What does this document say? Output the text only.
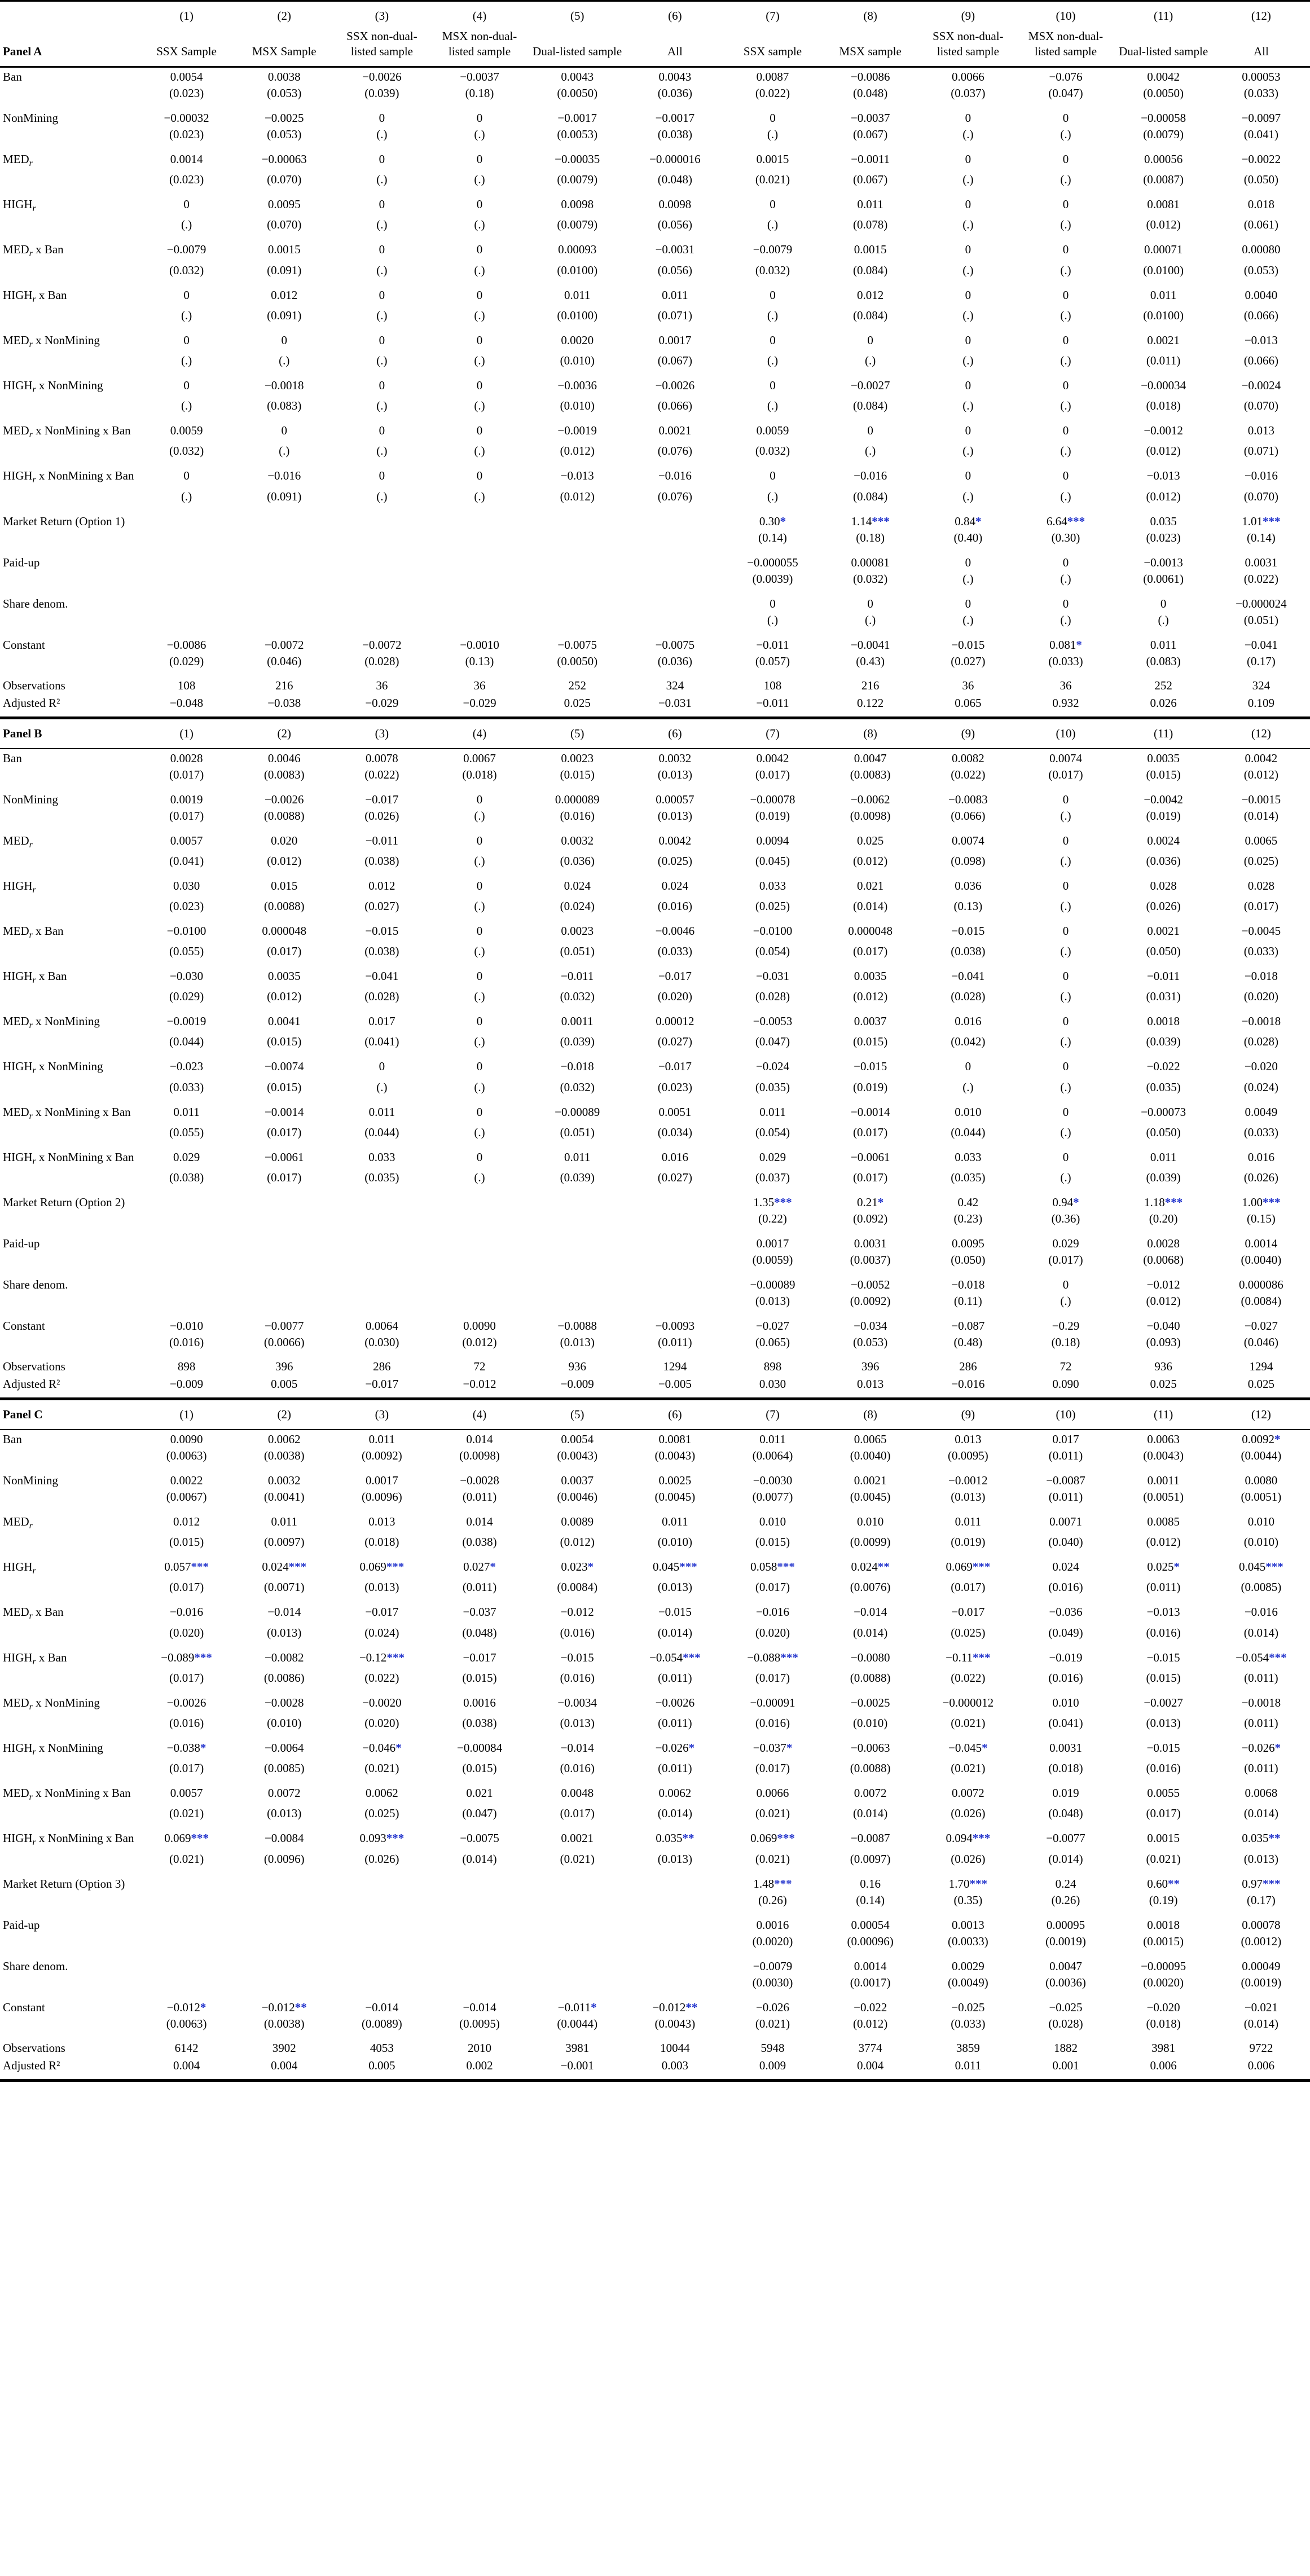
	(1)	(2)	(3)	(4)	(5)	(6)	(7)	(8)	(9)	(10)	(11)	(12)
Panel A	SSX Sample	MSX Sample	SSX non-dual-listed sample	MSX non-dual-listed sample	Dual-listed sample	All	SSX sample	MSX sample	SSX non-dual-listed sample	MSX non-dual-listed sample	Dual-listed sample	All
Ban	0.0054	0.0038	−0.0026	−0.0037	0.0043	0.0043	0.0087	−0.0086	0.0066	−0.076	0.0042	0.00053
	(0.023)	(0.053)	(0.039)	(0.18)	(0.0050)	(0.036)	(0.022)	(0.048)	(0.037)	(0.047)	(0.0050)	(0.033)
NonMining	−0.00032	−0.0025	0	0	−0.0017	−0.0017	0	−0.0037	0	0	−0.00058	−0.0097
	(0.023)	(0.053)	(.)	(.)	(0.0053)	(0.038)	(.)	(0.067)	(.)	(.)	(0.0079)	(0.041)
$MED_r$	0.0014	−0.00063	0	0	−0.00035	−0.000016	0.0015	−0.0011	0	0	0.00056	−0.0022
	(0.023)	(0.070)	(.)	(.)	(0.0079)	(0.048)	(0.021)	(0.067)	(.)	(.)	(0.0087)	(0.050)
$HIGH_r$	0	0.0095	0	0	0.0098	0.0098	0	0.011	0	0	0.0081	0.018
	(.)	(0.070)	(.)	(.)	(0.0079)	(0.056)	(.)	(0.078)	(.)	(.)	(0.012)	(0.061)
$MED_r$ x Ban	−0.0079	0.0015	0	0	0.00093	−0.0031	−0.0079	0.0015	0	0	0.00071	0.00080
	(0.032)	(0.091)	(.)	(.)	(0.0100)	(0.056)	(0.032)	(0.084)	(.)	(.)	(0.0100)	(0.053)
$HIGH_r$ x Ban	0	0.012	0	0	0.011	0.011	0	0.012	0	0	0.011	0.0040
	(.)	(0.091)	(.)	(.)	(0.0100)	(0.071)	(.)	(0.084)	(.)	(.)	(0.0100)	(0.066)
$MED_r$ x NonMining	0	0	0	0	0.0020	0.0017	0	0	0	0	0.0021	−0.013
	(.)	(.)	(.)	(.)	(0.010)	(0.067)	(.)	(.)	(.)	(.)	(0.011)	(0.066)
$HIGH_r$ x NonMining	0	−0.0018	0	0	−0.0036	−0.0026	0	−0.0027	0	0	−0.00034	−0.0024
	(.)	(0.083)	(.)	(.)	(0.010)	(0.066)	(.)	(0.084)	(.)	(.)	(0.018)	(0.070)
$MED_r$ x NonMining x Ban	0.0059	0	0	0	−0.0019	0.0021	0.0059	0	0	0	−0.0012	0.013
	(0.032)	(.)	(.)	(.)	(0.012)	(0.076)	(0.032)	(.)	(.)	(.)	(0.012)	(0.071)
$HIGH_r$ x NonMining x Ban	0	−0.016	0	0	−0.013	−0.016	0	−0.016	0	0	−0.013	−0.016
	(.)	(0.091)	(.)	(.)	(0.012)	(0.076)	(.)	(0.084)	(.)	(.)	(0.012)	(0.070)
Market Return (Option 1)							0.30*	1.14***	0.84*	6.64***	0.035	1.01***
							(0.14)	(0.18)	(0.40)	(0.30)	(0.023)	(0.14)
Paid-up							−0.000055	0.00081	0	0	−0.0013	0.0031
							(0.0039)	(0.032)	(.)	(.)	(0.0061)	(0.022)
Share denom.							0	0	0	0	0	−0.000024
							(.)	(.)	(.)	(.)	(.)	(0.051)
Constant	−0.0086	−0.0072	−0.0072	−0.0010	−0.0075	−0.0075	−0.011	−0.0041	−0.015	0.081*	0.011	−0.041
	(0.029)	(0.046)	(0.028)	(0.13)	(0.0050)	(0.036)	(0.057)	(0.43)	(0.027)	(0.033)	(0.083)	(0.17)
Observations	108	216	36	36	252	324	108	216	36	36	252	324
Adjusted R²	−0.048	−0.038	−0.029	−0.029	0.025	−0.031	−0.011	0.122	0.065	0.932	0.026	0.109
Panel B	(1)	(2)	(3)	(4)	(5)	(6)	(7)	(8)	(9)	(10)	(11)	(12)
Ban	0.0028	0.0046	0.0078	0.0067	0.0023	0.0032	0.0042	0.0047	0.0082	0.0074	0.0035	0.0042
	(0.017)	(0.0083)	(0.022)	(0.018)	(0.015)	(0.013)	(0.017)	(0.0083)	(0.022)	(0.017)	(0.015)	(0.012)
NonMining	0.0019	−0.0026	−0.017	0	0.000089	0.00057	−0.00078	−0.0062	−0.0083	0	−0.0042	−0.0015
	(0.017)	(0.0088)	(0.026)	(.)	(0.016)	(0.013)	(0.019)	(0.0098)	(0.066)	(.)	(0.019)	(0.014)
$MED_r$	0.0057	0.020	−0.011	0	0.0032	0.0042	0.0094	0.025	0.0074	0	0.0024	0.0065
	(0.041)	(0.012)	(0.038)	(.)	(0.036)	(0.025)	(0.045)	(0.012)	(0.098)	(.)	(0.036)	(0.025)
$HIGH_r$	0.030	0.015	0.012	0	0.024	0.024	0.033	0.021	0.036	0	0.028	0.028
	(0.023)	(0.0088)	(0.027)	(.)	(0.024)	(0.016)	(0.025)	(0.014)	(0.13)	(.)	(0.026)	(0.017)
$MED_r$ x Ban	−0.0100	0.000048	−0.015	0	0.0023	−0.0046	−0.0100	0.000048	−0.015	0	0.0021	−0.0045
	(0.055)	(0.017)	(0.038)	(.)	(0.051)	(0.033)	(0.054)	(0.017)	(0.038)	(.)	(0.050)	(0.033)
$HIGH_r$ x Ban	−0.030	0.0035	−0.041	0	−0.011	−0.017	−0.031	0.0035	−0.041	0	−0.011	−0.018
	(0.029)	(0.012)	(0.028)	(.)	(0.032)	(0.020)	(0.028)	(0.012)	(0.028)	(.)	(0.031)	(0.020)
$MED_r$ x NonMining	−0.0019	0.0041	0.017	0	0.0011	0.00012	−0.0053	0.0037	0.016	0	0.0018	−0.0018
	(0.044)	(0.015)	(0.041)	(.)	(0.039)	(0.027)	(0.047)	(0.015)	(0.042)	(.)	(0.039)	(0.028)
$HIGH_r$ x NonMining	−0.023	−0.0074	0	0	−0.018	−0.017	−0.024	−0.015	0	0	−0.022	−0.020
	(0.033)	(0.015)	(.)	(.)	(0.032)	(0.023)	(0.035)	(0.019)	(.)	(.)	(0.035)	(0.024)
$MED_r$ x NonMining x Ban	0.011	−0.0014	0.011	0	−0.00089	0.0051	0.011	−0.0014	0.010	0	−0.00073	0.0049
	(0.055)	(0.017)	(0.044)	(.)	(0.051)	(0.034)	(0.054)	(0.017)	(0.044)	(.)	(0.050)	(0.033)
$HIGH_r$ x NonMining x Ban	0.029	−0.0061	0.033	0	0.011	0.016	0.029	−0.0061	0.033	0	0.011	0.016
	(0.038)	(0.017)	(0.035)	(.)	(0.039)	(0.027)	(0.037)	(0.017)	(0.035)	(.)	(0.039)	(0.026)
Market Return (Option 2)							1.35***	0.21*	0.42	0.94*	1.18***	1.00***
							(0.22)	(0.092)	(0.23)	(0.36)	(0.20)	(0.15)
Paid-up							0.0017	0.0031	0.0095	0.029	0.0028	0.0014
							(0.0059)	(0.0037)	(0.050)	(0.017)	(0.0068)	(0.0040)
Share denom.							−0.00089	−0.0052	−0.018	0	−0.012	0.000086
							(0.013)	(0.0092)	(0.11)	(.)	(0.012)	(0.0084)
Constant	−0.010	−0.0077	0.0064	0.0090	−0.0088	−0.0093	−0.027	−0.034	−0.087	−0.29	−0.040	−0.027
	(0.016)	(0.0066)	(0.030)	(0.012)	(0.013)	(0.011)	(0.065)	(0.053)	(0.48)	(0.18)	(0.093)	(0.046)
Observations	898	396	286	72	936	1294	898	396	286	72	936	1294
Adjusted R²	−0.009	0.005	−0.017	−0.012	−0.009	−0.005	0.030	0.013	−0.016	0.090	0.025	0.025
Panel C	(1)	(2)	(3)	(4)	(5)	(6)	(7)	(8)	(9)	(10)	(11)	(12)
Ban	0.0090	0.0062	0.011	0.014	0.0054	0.0081	0.011	0.0065	0.013	0.017	0.0063	0.0092*
	(0.0063)	(0.0038)	(0.0092)	(0.0098)	(0.0043)	(0.0043)	(0.0064)	(0.0040)	(0.0095)	(0.011)	(0.0043)	(0.0044)
NonMining	0.0022	0.0032	0.0017	−0.0028	0.0037	0.0025	−0.0030	0.0021	−0.0012	−0.0087	0.0011	0.0080
	(0.0067)	(0.0041)	(0.0096)	(0.011)	(0.0046)	(0.0045)	(0.0077)	(0.0045)	(0.013)	(0.011)	(0.0051)	(0.0051)
$MED_r$	0.012	0.011	0.013	0.014	0.0089	0.011	0.010	0.010	0.011	0.0071	0.0085	0.010
	(0.015)	(0.0097)	(0.018)	(0.038)	(0.012)	(0.010)	(0.015)	(0.0099)	(0.019)	(0.040)	(0.012)	(0.010)
$HIGH_r$	0.057***	0.024***	0.069***	0.027*	0.023*	0.045***	0.058***	0.024**	0.069***	0.024	0.025*	0.045***
	(0.017)	(0.0071)	(0.013)	(0.011)	(0.0084)	(0.013)	(0.017)	(0.0076)	(0.017)	(0.016)	(0.011)	(0.0085)
$MED_r$ x Ban	−0.016	−0.014	−0.017	−0.037	−0.012	−0.015	−0.016	−0.014	−0.017	−0.036	−0.013	−0.016
	(0.020)	(0.013)	(0.024)	(0.048)	(0.016)	(0.014)	(0.020)	(0.014)	(0.025)	(0.049)	(0.016)	(0.014)
$HIGH_r$ x Ban	−0.089***	−0.0082	−0.12***	−0.017	−0.015	−0.054***	−0.088***	−0.0080	−0.11***	−0.019	−0.015	−0.054***
	(0.017)	(0.0086)	(0.022)	(0.015)	(0.016)	(0.011)	(0.017)	(0.0088)	(0.022)	(0.016)	(0.015)	(0.011)
$MED_r$ x NonMining	−0.0026	−0.0028	−0.0020	0.0016	−0.0034	−0.0026	−0.00091	−0.0025	−0.000012	0.010	−0.0027	−0.0018
	(0.016)	(0.010)	(0.020)	(0.038)	(0.013)	(0.011)	(0.016)	(0.010)	(0.021)	(0.041)	(0.013)	(0.011)
$HIGH_r$ x NonMining	−0.038*	−0.0064	−0.046*	−0.00084	−0.014	−0.026*	−0.037*	−0.0063	−0.045*	0.0031	−0.015	−0.026*
	(0.017)	(0.0085)	(0.021)	(0.015)	(0.016)	(0.011)	(0.017)	(0.0088)	(0.021)	(0.018)	(0.016)	(0.011)
$MED_r$ x NonMining x Ban	0.0057	0.0072	0.0062	0.021	0.0048	0.0062	0.0066	0.0072	0.0072	0.019	0.0055	0.0068
	(0.021)	(0.013)	(0.025)	(0.047)	(0.017)	(0.014)	(0.021)	(0.014)	(0.026)	(0.048)	(0.017)	(0.014)
$HIGH_r$ x NonMining x Ban	0.069***	−0.0084	0.093***	−0.0075	0.0021	0.035**	0.069***	−0.0087	0.094***	−0.0077	0.0015	0.035**
	(0.021)	(0.0096)	(0.026)	(0.014)	(0.021)	(0.013)	(0.021)	(0.0097)	(0.026)	(0.014)	(0.021)	(0.013)
Market Return (Option 3)							1.48***	0.16	1.70***	0.24	0.60**	0.97***
							(0.26)	(0.14)	(0.35)	(0.26)	(0.19)	(0.17)
Paid-up							0.0016	0.00054	0.0013	0.00095	0.0018	0.00078
							(0.0020)	(0.00096)	(0.0033)	(0.0019)	(0.0015)	(0.0012)
Share denom.							−0.0079	0.0014	0.0029	0.0047	−0.00095	0.00049
							(0.0030)	(0.0017)	(0.0049)	(0.0036)	(0.0020)	(0.0019)
Constant	−0.012*	−0.012**	−0.014	−0.014	−0.011*	−0.012**	−0.026	−0.022	−0.025	−0.025	−0.020	−0.021
	(0.0063)	(0.0038)	(0.0089)	(0.0095)	(0.0044)	(0.0043)	(0.021)	(0.012)	(0.033)	(0.028)	(0.018)	(0.014)
Observations	6142	3902	4053	2010	3981	10044	5948	3774	3859	1882	3981	9722
Adjusted R²	0.004	0.004	0.005	0.002	−0.001	0.003	0.009	0.004	0.011	0.001	0.006	0.006
